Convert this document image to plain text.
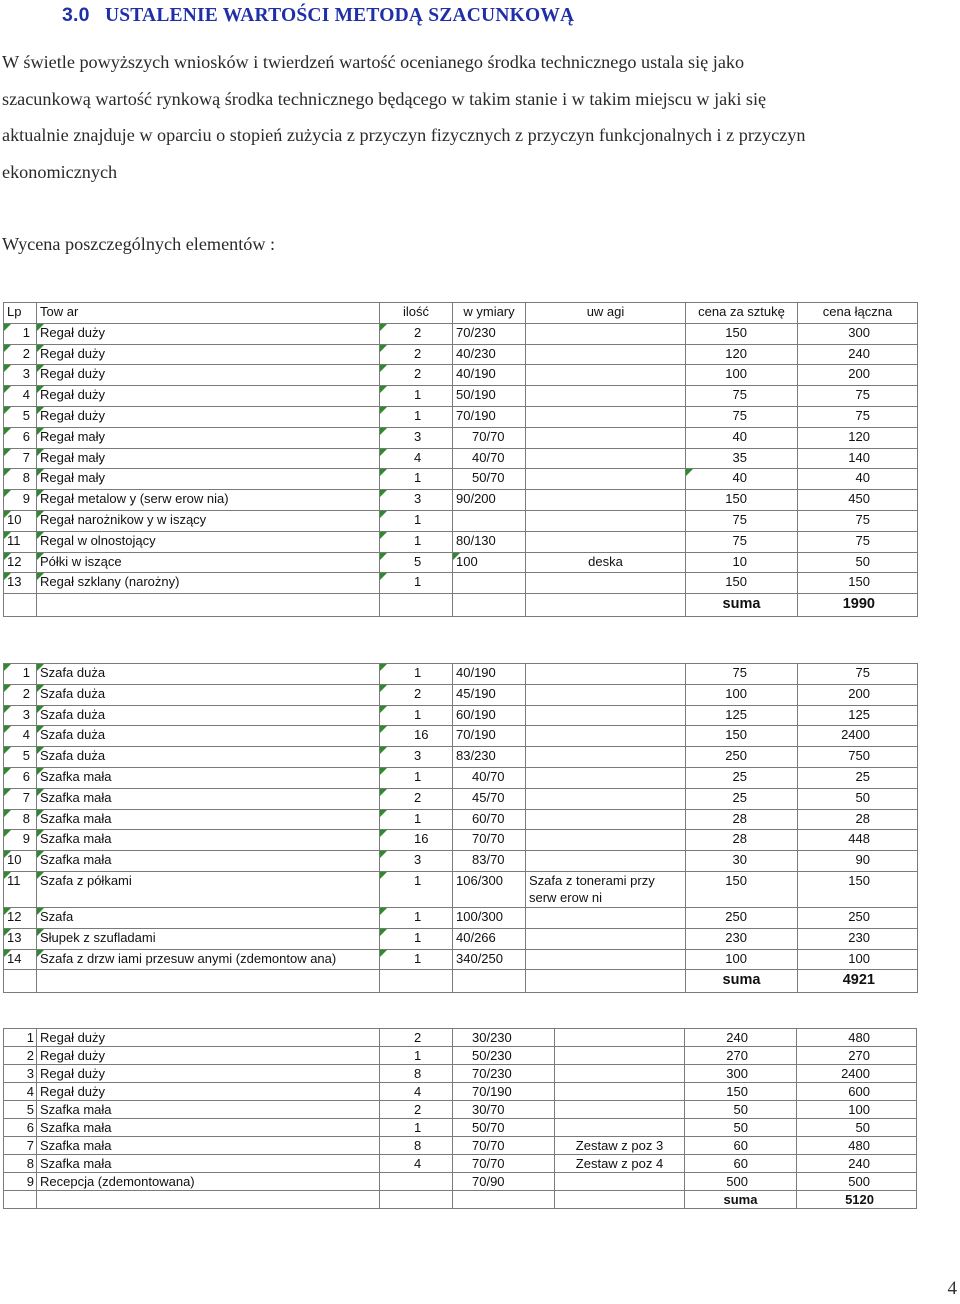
3.0 USTALENIE WARTOŚCI METODĄ SZACUNKOWĄ

W świetle powyższych wniosków i twierdzeń wartość ocenianego środka technicznego ustala się jako
szacunkową wartość rynkową środka technicznego będącego w takim stanie i w takim miejscu w jaki się
aktualnie znajduje w oparciu o stopień zużycia z przyczyn fizycznych z przyczyn funkcjonalnych i z przyczyn
ekonomicznych

Wycena poszczególnych elementów :

Lp	Tow ar	ilość	w ymiary	uw agi	cena za sztukę	cena łączna
1	Regał duży	2	70/230		150	300
2	Regał duży	2	40/230		120	240
3	Regał duży	2	40/190		100	200
4	Regał duży	1	50/190		75	75
5	Regał duży	1	70/190		75	75
6	Regał mały	3	70/70		40	120
7	Regał mały	4	40/70		35	140
8	Regał mały	1	50/70		40	40
9	Regał metalow y (serw erow nia)	3	90/200		150	450
10	Regał narożnikow y w iszący	1			75	75
11	Regal w olnostojący	1	80/130		75	75
12	Półki w iszące	5	100	deska	10	50
13	Regał szklany (narożny)	1			150	150
					suma	1990
1	Szafa duża	1	40/190		75	75
2	Szafa duża	2	45/190		100	200
3	Szafa duża	1	60/190		125	125
4	Szafa duża	16	70/190		150	2400
5	Szafa duża	3	83/230		250	750
6	Szafka mała	1	40/70		25	25
7	Szafka mała	2	45/70		25	50
8	Szafka mała	1	60/70		28	28
9	Szafka mała	16	70/70		28	448
10	Szafka mała	3	83/70		30	90
11	Szafa z półkami	1	106/300	Szafa z tonerami przy serw erow ni	150	150
12	Szafa	1	100/300		250	250
13	Słupek z szufladami	1	40/266		230	230
14	Szafa z drzw iami przesuw anymi (zdemontow ana)	1	340/250		100	100
					suma	4921
1	Regał duży	2	30/230		240	480
2	Regał duży	1	50/230		270	270
3	Regał duży	8	70/230		300	2400
4	Regał duży	4	70/190		150	600
5	Szafka mała	2	30/70		50	100
6	Szafka mała	1	50/70		50	50
7	Szafka mała	8	70/70	Zestaw z poz 3	60	480
8	Szafka mała	4	70/70	Zestaw z poz 4	60	240
9	Recepcja (zdemontowana)		70/90		500	500
					suma	5120

4
